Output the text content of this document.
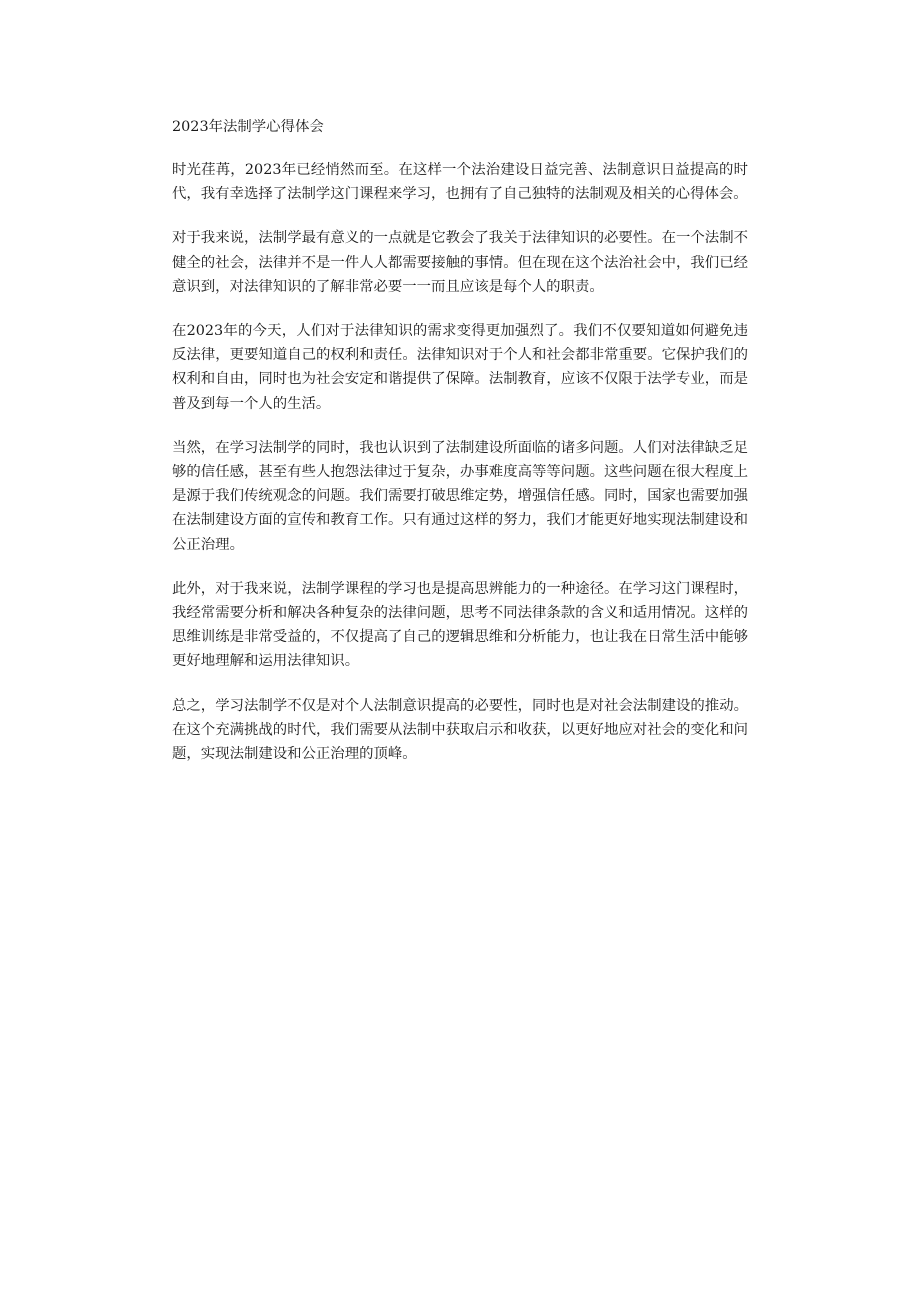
2023年法制学心得体会

时光荏苒，2023年已经悄然而至。在这样一个法治建设日益完善、法制意识日益提高的时代，我有幸选择了法制学这门课程来学习，也拥有了自己独特的法制观及相关的心得体会。

对于我来说，法制学最有意义的一点就是它教会了我关于法律知识的必要性。在一个法制不健全的社会，法律并不是一件人人都需要接触的事情。但在现在这个法治社会中，我们已经意识到，对法律知识的了解非常必要一一而且应该是每个人的职责。

在2023年的今天，人们对于法律知识的需求变得更加强烈了。我们不仅要知道如何避免违反法律，更要知道自己的权利和责任。法律知识对于个人和社会都非常重要。它保护我们的权利和自由，同时也为社会安定和谐提供了保障。法制教育，应该不仅限于法学专业，而是普及到每一个人的生活。

当然，在学习法制学的同时，我也认识到了法制建设所面临的诸多问题。人们对法律缺乏足够的信任感，甚至有些人抱怨法律过于复杂，办事难度高等等问题。这些问题在很大程度上是源于我们传统观念的问题。我们需要打破思维定势，增强信任感。同时，国家也需要加强在法制建设方面的宣传和教育工作。只有通过这样的努力，我们才能更好地实现法制建设和公正治理。

此外，对于我来说，法制学课程的学习也是提高思辨能力的一种途径。在学习这门课程时，我经常需要分析和解决各种复杂的法律问题，思考不同法律条款的含义和适用情况。这样的思维训练是非常受益的，不仅提高了自己的逻辑思维和分析能力，也让我在日常生活中能够更好地理解和运用法律知识。

总之，学习法制学不仅是对个人法制意识提高的必要性，同时也是对社会法制建设的推动。在这个充满挑战的时代，我们需要从法制中获取启示和收获，以更好地应对社会的变化和问题，实现法制建设和公正治理的顶峰。
